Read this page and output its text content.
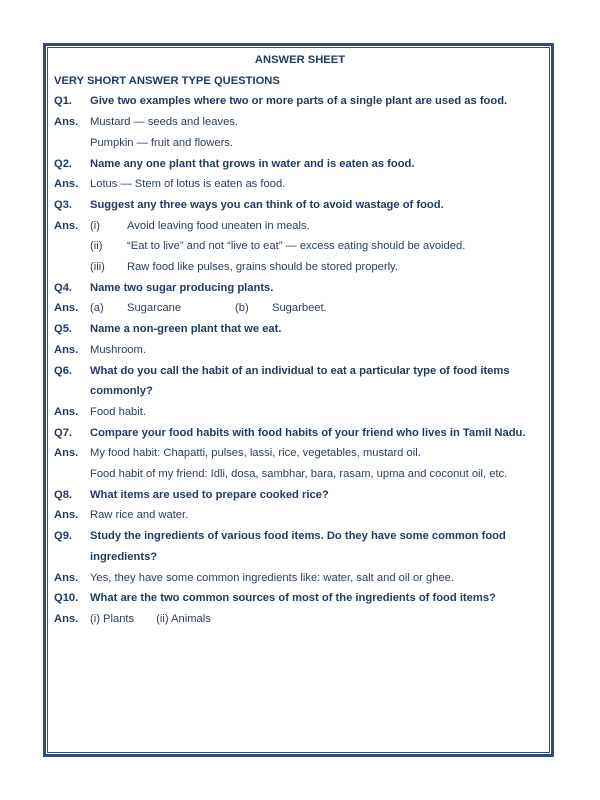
ANSWER SHEET
VERY SHORT ANSWER TYPE QUESTIONS
Q1.	Give two examples where two or more parts of a single plant are used as food.
Ans.	Mustard — seeds and leaves.
Pumpkin — fruit and flowers.
Q2.	Name any one plant that grows in water and is eaten as food.
Ans.	Lotus — Stem of lotus is eaten as food.
Q3.	Suggest any three ways you can think of to avoid wastage of food.
Ans.	(i)	Avoid leaving food uneaten in meals.
(ii)	“Eat to live” and not “live to eat” — excess eating should be avoided.
(iii)	Raw food like pulses, grains should be stored properly.
Q4.	Name two sugar producing plants.
Ans.	(a)	Sugarcane	(b)	Sugarbeet.
Q5.	Name a non-green plant that we eat.
Ans.	Mushroom.
Q6.	What do you call the habit of an individual to eat a particular type of food items commonly?
Ans.	Food habit.
Q7.	Compare your food habits with food habits of your friend who lives in Tamil Nadu.
Ans.	My food habit: Chapatti, pulses, lassi, rice, vegetables, mustard oil.
Food habit of my friend: Idli, dosa, sambhar, bara, rasam, upma and coconut oil, etc.
Q8.	What items are used to prepare cooked rice?
Ans.	Raw rice and water.
Q9.	Study the ingredients of various food items. Do they have some common food ingredients?
Ans.	Yes, they have some common ingredients like: water, salt and oil or ghee.
Q10.	What are the two common sources of most of the ingredients of food items?
Ans.	(i) Plants (ii) Animals
